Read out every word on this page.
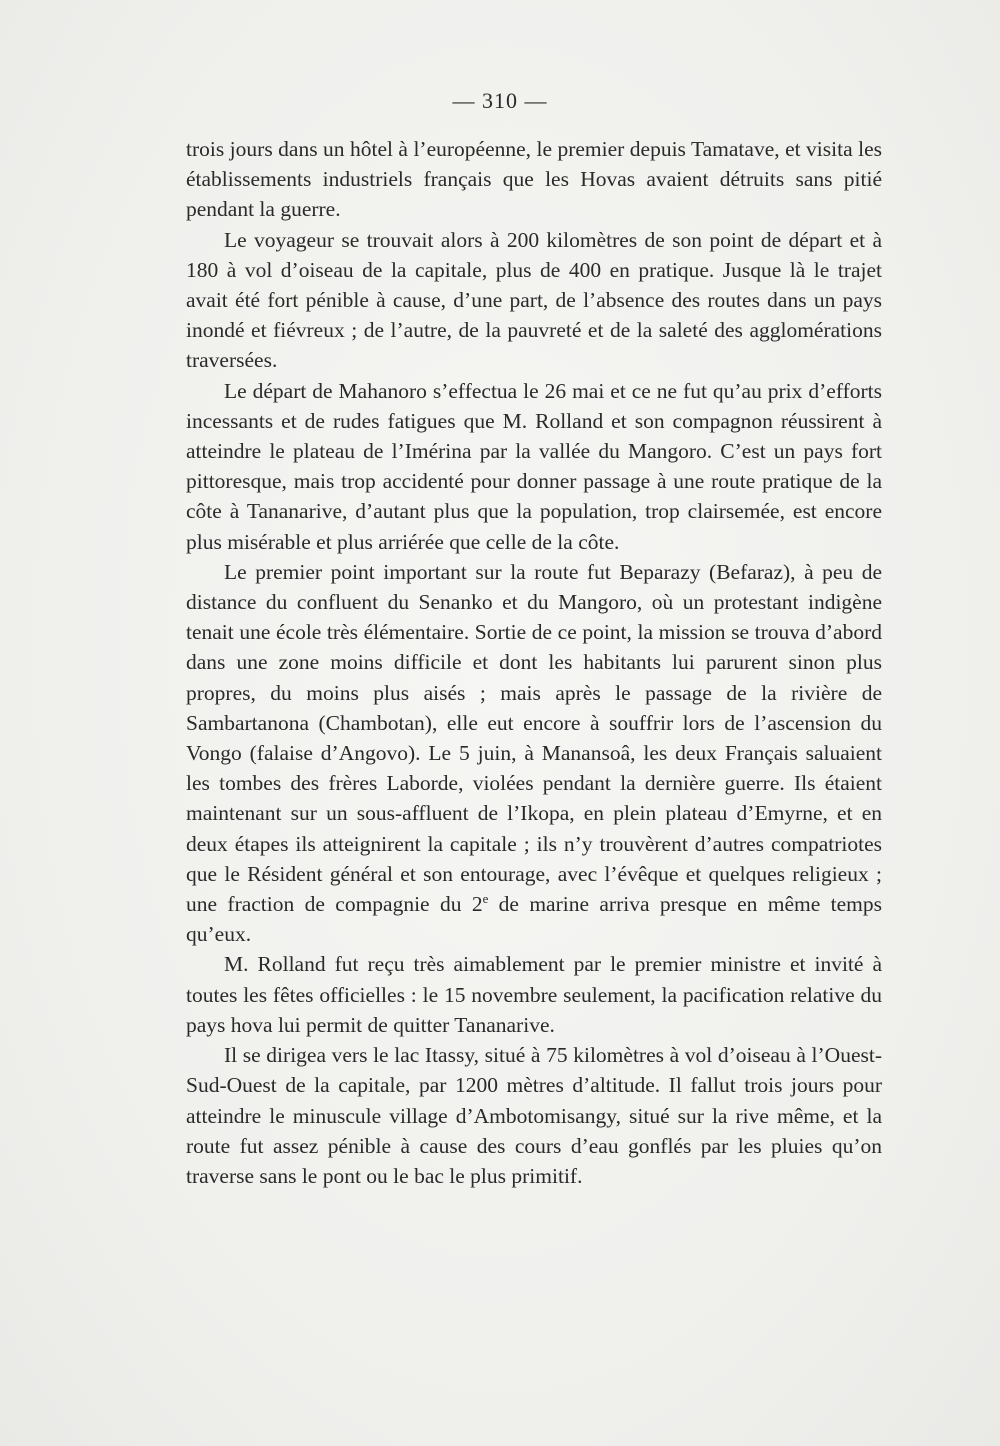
— 310 —

trois jours dans un hôtel à l’européenne, le premier depuis Tamatave, et visita les établissements industriels français que les Hovas avaient détruits sans pitié pendant la guerre.

Le voyageur se trouvait alors à 200 kilomètres de son point de départ et à 180 à vol d’oiseau de la capitale, plus de 400 en pratique. Jusque là le trajet avait été fort pénible à cause, d’une part, de l’absence des routes dans un pays inondé et fiévreux ; de l’autre, de la pauvreté et de la saleté des agglomérations traversées.

Le départ de Mahanoro s’effectua le 26 mai et ce ne fut qu’au prix d’efforts incessants et de rudes fatigues que M. Rolland et son compagnon réussirent à atteindre le plateau de l’Imérina par la vallée du Mangoro. C’est un pays fort pittoresque, mais trop accidenté pour donner passage à une route pratique de la côte à Tananarive, d’autant plus que la population, trop clairsemée, est encore plus misérable et plus arriérée que celle de la côte.

Le premier point important sur la route fut Beparazy (Befaraz), à peu de distance du confluent du Senanko et du Mangoro, où un protestant indigène tenait une école très élémentaire. Sortie de ce point, la mission se trouva d’abord dans une zone moins difficile et dont les habitants lui parurent sinon plus propres, du moins plus aisés ; mais après le passage de la rivière de Sambartanona (Chambotan), elle eut encore à souffrir lors de l’ascension du Vongo (falaise d’Angovo). Le 5 juin, à Manansoâ, les deux Français saluaient les tombes des frères Laborde, violées pendant la dernière guerre. Ils étaient maintenant sur un sous-affluent de l’Ikopa, en plein plateau d’Emyrne, et en deux étapes ils atteignirent la capitale ; ils n’y trouvèrent d’autres compatriotes que le Résident général et son entourage, avec l’évêque et quelques religieux ; une fraction de compagnie du 2e de marine arriva presque en même temps qu’eux.

M. Rolland fut reçu très aimablement par le premier ministre et invité à toutes les fêtes officielles : le 15 novembre seulement, la pacification relative du pays hova lui permit de quitter Tananarive.

Il se dirigea vers le lac Itassy, situé à 75 kilomètres à vol d’oiseau à l’Ouest-Sud-Ouest de la capitale, par 1200 mètres d’altitude. Il fallut trois jours pour atteindre le minuscule village d’Ambotomisangy, situé sur la rive même, et la route fut assez pénible à cause des cours d’eau gonflés par les pluies qu’on traverse sans le pont ou le bac le plus primitif.
